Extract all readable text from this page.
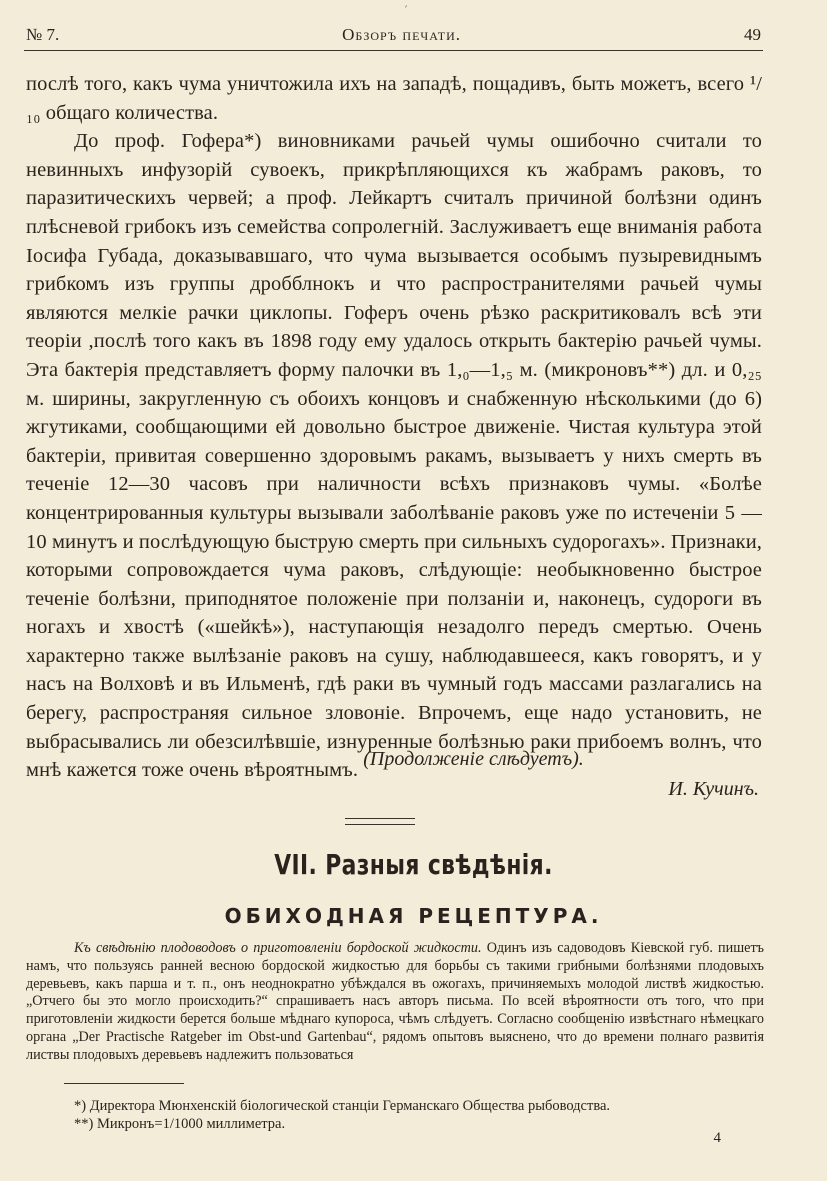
ˊ
№ 7.	Обзоръ печати.	49

послѣ того, какъ чума уничтожила ихъ на западѣ, пощадивъ, быть можетъ, всего ¹/₁₀ общаго количества.

До проф. Гофера*) виновниками рачьей чумы ошибочно считали то невинныхъ инфузорій сувоекъ, прикрѣпляющихся къ жабрамъ раковъ, то паразитическихъ червей; а проф. Лейкартъ считалъ причиной болѣзни одинъ плѣсневой грибокъ изъ семейства сопролегній. Заслуживаетъ еще вниманія работа Іосифа Губада, доказывавшаго, что чума вызывается особымъ пузыревиднымъ грибкомъ изъ группы дробблнокъ и что распространителями рачьей чумы являются мелкіе рачки циклопы. Гоферъ очень рѣзко раскритиковалъ всѣ эти теоріи ,послѣ того какъ въ 1898 году ему удалось открыть бактерію рачьей чумы. Эта бактерія представляетъ форму палочки въ 1,₀—1,₅ м. (микроновъ**) дл. и 0,₂₅ м. ширины, закругленную съ обоихъ концовъ и снабженную нѣсколькими (до 6) жгутиками, сообщающими ей довольно быстрое движеніе. Чистая культура этой бактеріи, привитая совершенно здоровымъ ракамъ, вызываетъ у нихъ смерть въ теченіе 12—30 часовъ при наличности всѣхъ признаковъ чумы. «Болѣе концентрированныя культуры вызывали заболѣваніе раковъ уже по истеченіи 5 — 10 минутъ и послѣдующую быструю смерть при сильныхъ судорогахъ». Признаки, которыми сопровождается чума раковъ, слѣдующіе: необыкновенно быстрое теченіе болѣзни, приподнятое положеніе при ползаніи и, наконецъ, судороги въ ногахъ и хвостѣ («шейкѣ»), наступающія незадолго передъ смертью. Очень характерно также вылѣзаніе раковъ на сушу, наблюдавшееся, какъ говорятъ, и у насъ на Волховѣ и въ Ильменѣ, гдѣ раки въ чумный годъ массами разлагались на берегу, распространяя сильное зловоніе. Впрочемъ, еще надо установить, не выбрасывались ли обезсилѣвшіе, изнуренные болѣзнью раки прибоемъ волнъ, что мнѣ кажется тоже очень вѣроятнымъ.

(Продолженіе слѣдуетъ).
И. Кучинъ.
VII. Разныя свѣдѣнія.
ОБИХОДНАЯ РЕЦЕПТУРА.

Къ свѣдѣнію плодоводовъ о приготовленіи бордоской жидкости. Одинъ изъ садоводовъ Кіевской губ. пишетъ намъ, что пользуясь ранней весною бордоской жидкостью для борьбы съ такими грибными болѣзнями плодовыхъ деревьевъ, какъ парша и т. п., онъ неоднократно убѣждался въ ожогахъ, причиняемыхъ молодой листвѣ жидкостью. „Отчего бы это могло происходить?“ спрашиваетъ насъ авторъ письма. По всей вѣроятности отъ того, что при приготовленіи жидкости берется больше мѣднаго купороса, чѣмъ слѣдуетъ. Согласно сообщенію извѣстнаго нѣмецкаго органа „Der Practische Ratgeber im Obst-und Gartenbau“, рядомъ опытовъ выяснено, что до времени полнаго развитія листвы плодовыхъ деревьевъ надлежитъ пользоваться

*) Директора Мюнхенскій біологической станціи Германскаго Общества рыбоводства.
**) Микронъ=1/1000 миллиметра.
4
